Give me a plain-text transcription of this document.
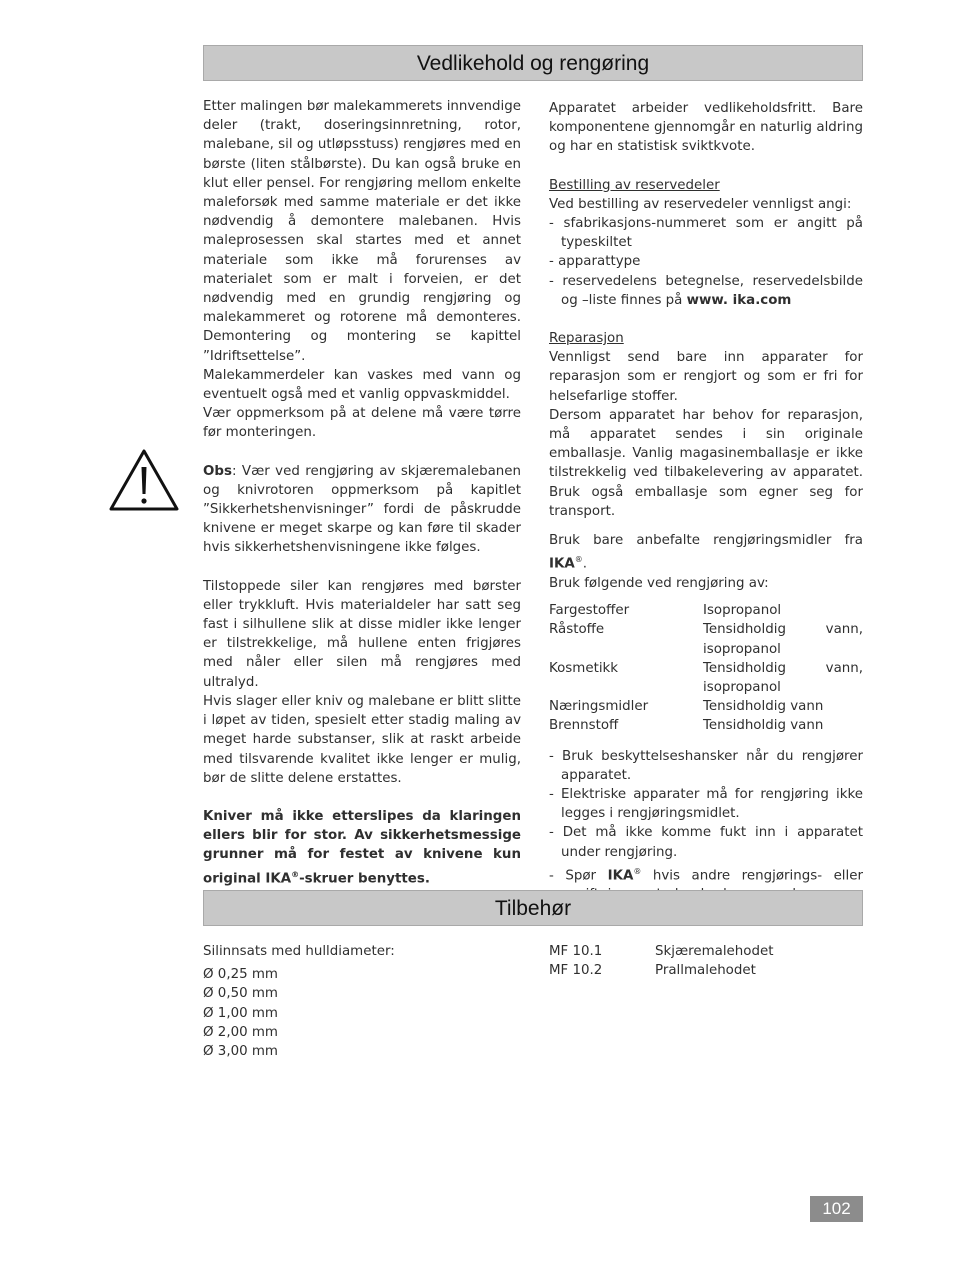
Vedlikehold og rengøring

Etter malingen bør malekammerets innvendige deler (trakt, doseringsinnretning, rotor, malebane, sil og utløpsstuss) rengjøres med en børste (liten stålbørste). Du kan også bruke en klut eller pensel. For rengjøring mellom enkelte maleforsøk med samme materiale er det ikke nødvendig å demontere malebanen. Hvis maleprosessen skal startes med et annet materiale som ikke må forurenses av materialet som er malt i forveien, er det nødvendig med en grundig rengjøring og malekammeret og rotorene må demonteres. Demontering og montering se kapittel ”Idriftsettelse”.

Malekammerdeler kan vaskes med vann og eventuelt også med et vanlig oppvaskmiddel.

Vær oppmerksom på at delene må være tørre før monteringen.

Obs: Vær ved rengjøring av skjæremalebanen og knivrotoren oppmerksom på kapitlet ”Sikkerhetshenvisninger” fordi de påskrudde knivene er meget skarpe og kan føre til skader hvis sikkerhetshenvisningene ikke følges.

Tilstoppede siler kan rengjøres med børster eller trykkluft. Hvis materialdeler har satt seg fast i silhullene slik at disse midler ikke lenger er tilstrekkelige, må hullene enten frigjøres med nåler eller silen må rengjøres med ultralyd.

Hvis slager eller kniv og malebane er blitt slitte i løpet av tiden, spesielt etter stadig maling av meget harde substanser, slik at raskt arbeide med tilsvarende kvalitet ikke lenger er mulig, bør de slitte delene erstattes.

Kniver må ikke etterslipes da klaringen ellers blir for stor. Av sikkerhetsmessige grunner må for festet av knivene kun original IKA®-skruer benyttes.

Apparatet arbeider vedlikeholdsfritt. Bare komponentene gjennomgår en naturlig aldring og har en statistisk sviktkvote.

Bestilling av reservedeler

Ved bestilling av reservedeler vennligst angi:

- sfabrikasjons-nummeret som er angitt på typeskiltet
- apparattype
- reservedelens betegnelse, reservedelsbilde og –liste finnes på www. ika.com

Reparasjon

Vennligst send bare inn apparater for reparasjon som er rengjort og som er fri for helsefarlige stoffer.

Dersom apparatet har behov for reparasjon, må apparatet sendes i sin originale emballasje. Vanlig magasinemballasje er ikke tilstrekkelig ved tilbakelevering av apparatet. Bruk også emballasje som egner seg for transport.

Bruk bare anbefalte rengjøringsmidler fra IKA®.

Bruk følgende ved rengjøring av:

Fargestoffer	Isopropanol
Råstoffe	Tensidholdig vann, isopropanol
Kosmetikk	Tensidholdig vann, isopropanol
Næringsmidler	Tensidholdig vann
Brennstoff	Tensidholdig vann
- Bruk beskyttelseshansker når du rengjører apparatet.
- Elektriske apparater må for rengjøring ikke legges i rengjøringsmidlet.
- Det må ikke komme fukt inn i apparatet under rengjøring.
- Spør IKA® hvis andre rengjørings- eller
Tilbehør

Silinnsats med hulldiameter:

Ø 0,25 mm

Ø 0,50 mm

Ø 1,00 mm

Ø 2,00 mm

Ø 3,00 mm

MF 10.1	Skjæremalehodet
MF 10.2	Prallmalehodet
102
